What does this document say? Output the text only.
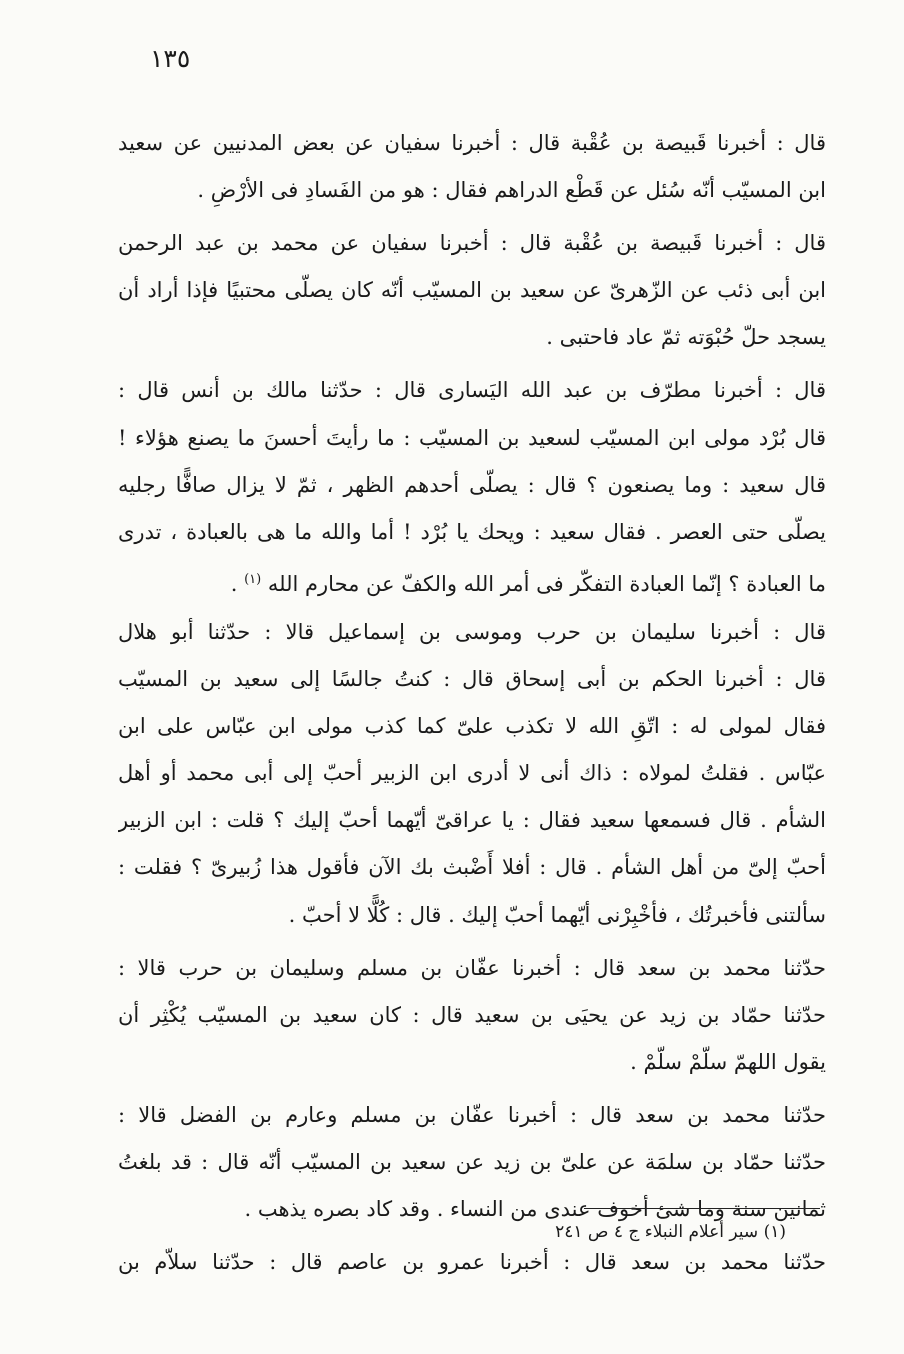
١٣٥
قال : أخبرنا قَبيصة بن عُقْبة قال : أخبرنا سفيان عن بعض المدنيين عن سعيد
ابن المسيّب أنّه سُئل عن قَطْع الدراهم فقال : هو من الفَسادِ فى الأرْضِ .
قال : أخبرنا قَبيصة بن عُقْبة قال : أخبرنا سفيان عن محمد بن عبد الرحمن
ابن أبى ذئب عن الزّهرىّ عن سعيد بن المسيّب أنّه كان يصلّى محتبيًا فإذا أراد أن
يسجد حلّ حُبْوَته ثمّ عاد فاحتبى .
قال : أخبرنا مطرّف بن عبد الله اليَسارى قال : حدّثنا مالك بن أنس قال :
قال بُرْد مولى ابن المسيّب لسعيد بن المسيّب : ما رأيتَ أحسنَ ما يصنع هؤلاء !
قال سعيد : وما يصنعون ؟ قال : يصلّى أحدهم الظهر ، ثمّ لا يزال صافًّا رجليه
يصلّى حتى العصر . فقال سعيد : ويحك يا بُرْد ! أما والله ما هى بالعبادة ، تدرى
ما العبادة ؟ إنّما العبادة التفكّر فى أمر الله والكفّ عن محارم الله $^{(١)}$ .
قال : أخبرنا سليمان بن حرب وموسى بن إسماعيل قالا : حدّثنا أبو هلال
قال : أخبرنا الحكم بن أبى إسحاق قال : كنتُ جالسًا إلى سعيد بن المسيّب
فقال لمولى له : اتّقِ الله لا تكذب علىّ كما كذب مولى ابن عبّاس على ابن
عبّاس . فقلتُ لمولاه : ذاك أنى لا أدرى ابن الزبير أحبّ إلى أبى محمد أو أهل
الشأم . قال فسمعها سعيد فقال : يا عراقىّ أيّهما أحبّ إليك ؟ قلت : ابن الزبير
أحبّ إلىّ من أهل الشأم . قال : أفلا أَضْبث بك الآن فأقول هذا زُبيرىّ ؟ فقلت :
سألتنى فأخبرتُك ، فأخْبِرْنى أيّهما أحبّ إليك . قال : كُلًّا لا أحبّ .
حدّثنا محمد بن سعد قال : أخبرنا عفّان بن مسلم وسليمان بن حرب قالا :
حدّثنا حمّاد بن زيد عن يحيَى بن سعيد قال : كان سعيد بن المسيّب يُكْثِر أن
يقول اللهمّ سلّمْ سلّمْ .
حدّثنا محمد بن سعد قال : أخبرنا عفّان بن مسلم وعارم بن الفضل قالا :
حدّثنا حمّاد بن سلمَة عن علىّ بن زيد عن سعيد بن المسيّب أنّه قال : قد بلغتُ
ثمانين سنة وما شئ أخوف عندى من النساء . وقد كاد بصره يذهب .
حدّثنا محمد بن سعد قال : أخبرنا عمرو بن عاصم قال : حدّثنا سلاّم بن
(١) سير أعلام النبلاء ج ٤ ص ٢٤١
